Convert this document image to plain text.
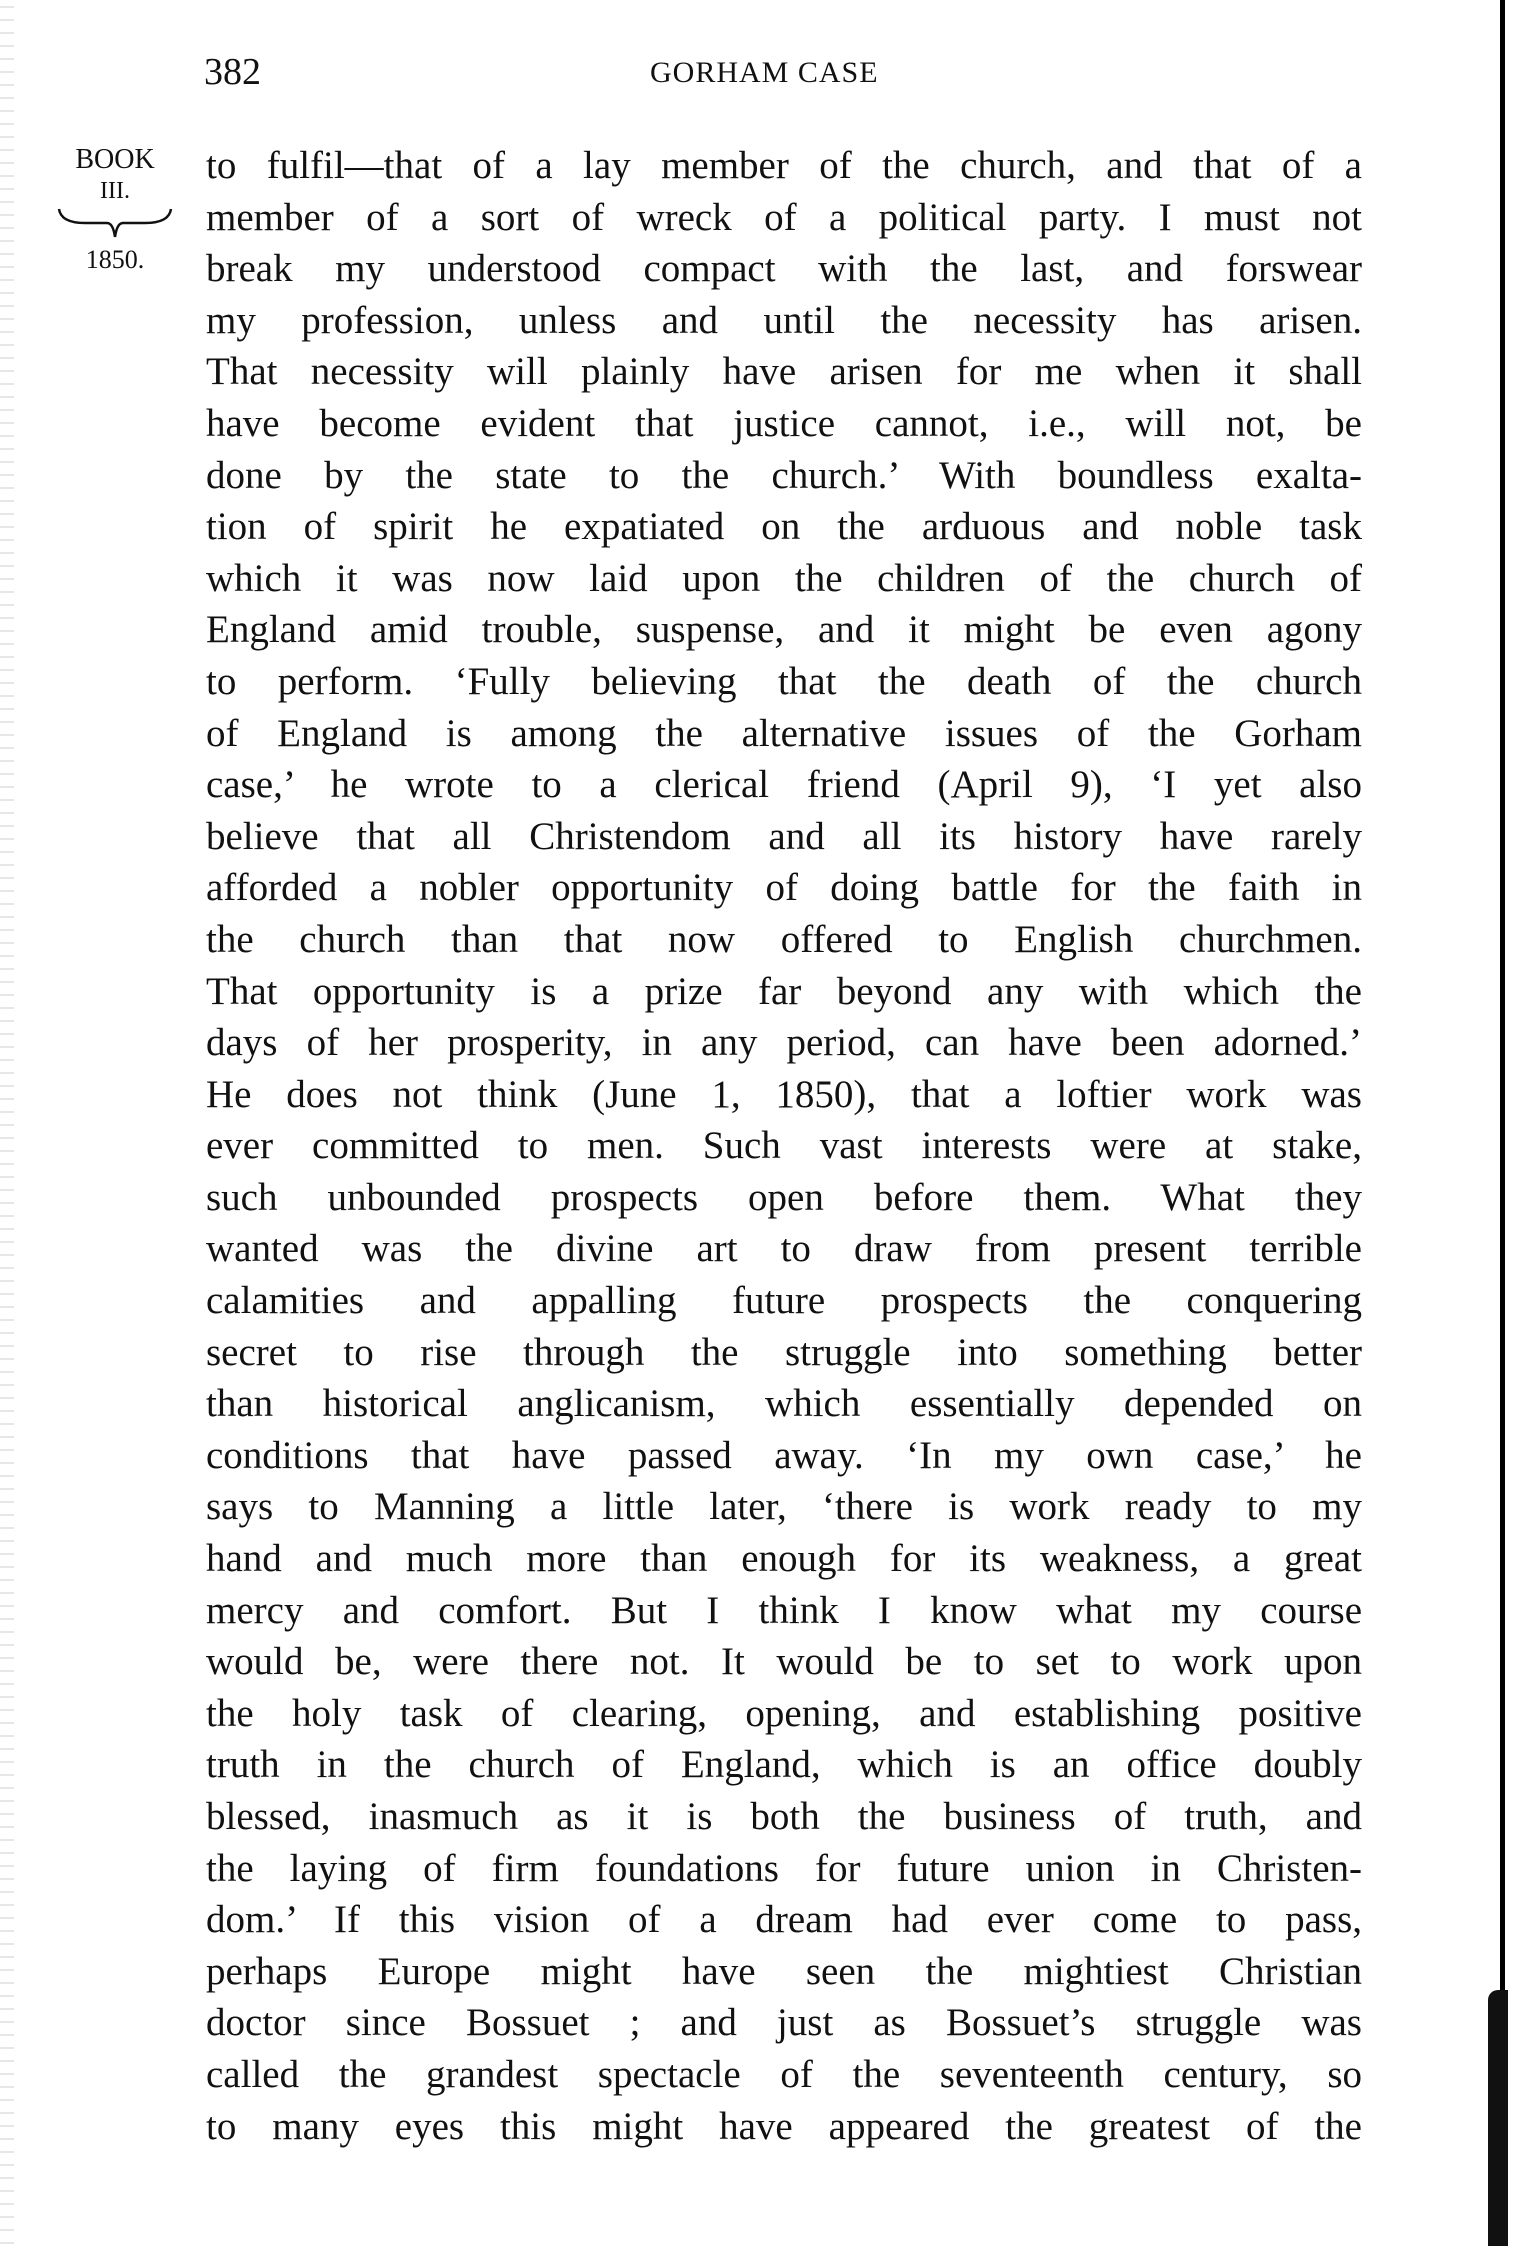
382	GORHAM CASE
BOOK
III.
1850.
to fulfil—that of a lay member of the church, and that of a
member of a sort of wreck of a political party. I must not
break my understood compact with the last, and forswear
my profession, unless and until the necessity has arisen.
That necessity will plainly have arisen for me when it shall
have become evident that justice cannot, i.e., will not, be
done by the state to the church.’ With boundless exalta-
tion of spirit he expatiated on the arduous and noble task
which it was now laid upon the children of the church of
England amid trouble, suspense, and it might be even agony
to perform. ‘Fully believing that the death of the church
of England is among the alternative issues of the Gorham
case,’ he wrote to a clerical friend (April 9), ‘I yet also
believe that all Christendom and all its history have rarely
afforded a nobler opportunity of doing battle for the faith in
the church than that now offered to English churchmen.
That opportunity is a prize far beyond any with which the
days of her prosperity, in any period, can have been adorned.’
He does not think (June 1, 1850), that a loftier work was
ever committed to men. Such vast interests were at stake,
such unbounded prospects open before them. What they
wanted was the divine art to draw from present terrible
calamities and appalling future prospects the conquering
secret to rise through the struggle into something better
than historical anglicanism, which essentially depended on
conditions that have passed away. ‘In my own case,’ he
says to Manning a little later, ‘there is work ready to my
hand and much more than enough for its weakness, a great
mercy and comfort. But I think I know what my course
would be, were there not. It would be to set to work upon
the holy task of clearing, opening, and establishing positive
truth in the church of England, which is an office doubly
blessed, inasmuch as it is both the business of truth, and
the laying of firm foundations for future union in Christen-
dom.’ If this vision of a dream had ever come to pass,
perhaps Europe might have seen the mightiest Christian
doctor since Bossuet ; and just as Bossuet’s struggle was
called the grandest spectacle of the seventeenth century, so
to many eyes this might have appeared the greatest of the
